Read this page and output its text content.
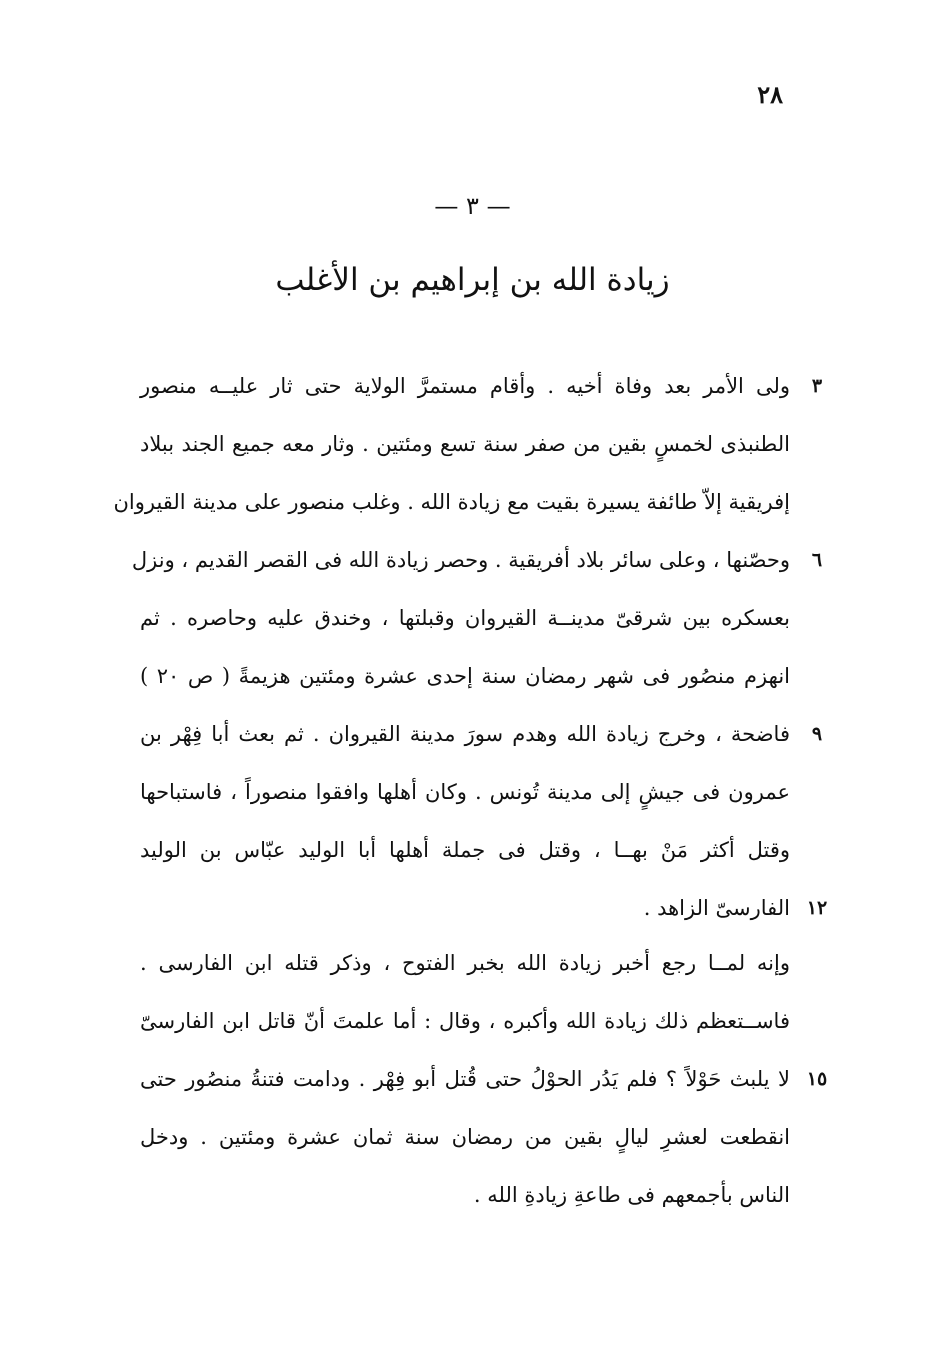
٢٨
— ٣ —
زيادة الله بن إبراهيم بن الأغلب
ولى الأمر بعد وفاة أخيه . وأقام مستمرَّ الولاية حتى ثار عليــه منصور	٣
الطنبذى لخمسٍ بقين من صفر سنة تسع ومئتين . وثار معه جميع الجند ببلاد
إفريقية إلاّ طائفة يسيرة بقيت مع زيادة الله . وغلب منصور على مدينة القيروان
وحصّنها ، وعلى سائر بلاد أفريقية . وحصر زيادة الله فى القصر القديم ، ونزل	٦
بعسكره بين شرقىّ مدينــة القيروان وقبلتها ، وخندق عليه وحاصره . ثم
انهزم منصُور فى شهر رمضان سنة إحدى عشرة ومئتين هزيمةً ( ص ٢٠ )
فاضحة ، وخرج زيادة الله وهدم سورَ مدينة القيروان . ثم بعث أبا فِهْر بن	٩
عمرون فى جيشٍ إلى مدينة تُونس . وكان أهلها وافقوا منصوراً ، فاستباحها
وقتل أكثر مَنْ بهــا ، وقتل فى جملة أهلها أبا الوليد عبّاس بن الوليد
الفارسىّ الزاهد . ١٢
وإنه لمــا رجع أخبر زيادة الله بخبر الفتوح ، وذكر قتله ابن الفارسى .
فاســتعظم ذلك زيادة الله وأكبره ، وقال : أما علمتَ أنّ قاتل ابن الفارسىّ
لا يلبث حَوْلاً ؟ فلم يَدُر الحوْلُ حتى قُتل أبو فِهْر . ودامت فتنةُ منصُور حتى ١٥
انقطعت لعشرِ ليالٍ بقين من رمضان سنة ثمان عشرة ومئتين . ودخل
الناس بأجمعهم فى طاعةِ زيادةِ الله .
